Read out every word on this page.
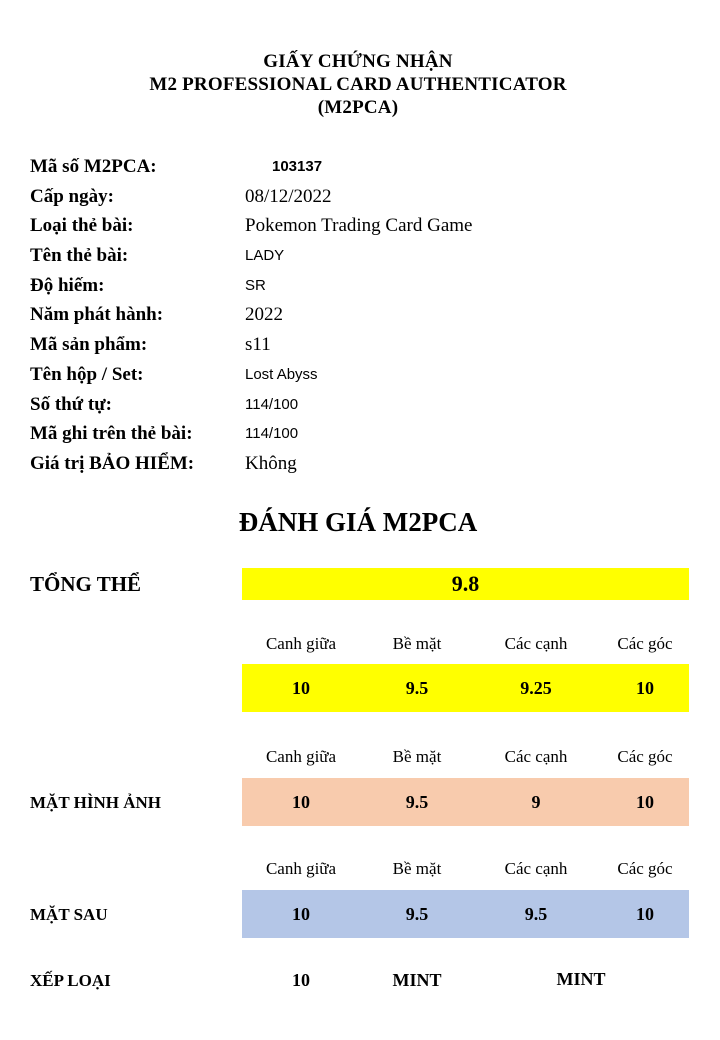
GIẤY CHỨNG NHẬN
M2 PROFESSIONAL CARD AUTHENTICATOR
(M2PCA)
Mã số M2PCA:	103137
Cấp ngày:	08/12/2022
Loại thẻ bài:	Pokemon Trading Card Game
Tên thẻ bài:	LADY
Độ hiếm:	SR
Năm phát hành:	2022
Mã sản phẩm:	s11
Tên hộp / Set:	Lost Abyss
Số thứ tự:	114/100
Mã ghi trên thẻ bài:	114/100
Giá trị BẢO HIỂM:	Không
ĐÁNH GIÁ M2PCA
TỔNG THỂ	9.8
Canh giữa	Bề mặt	Các cạnh	Các góc
10	9.5	9.25	10
Canh giữa	Bề mặt	Các cạnh	Các góc
MẶT HÌNH ẢNH	10	9.5	9	10
Canh giữa	Bề mặt	Các cạnh	Các góc
MẶT SAU	10	9.5	9.5	10
XẾP LOẠI	10	MINT	MINT
